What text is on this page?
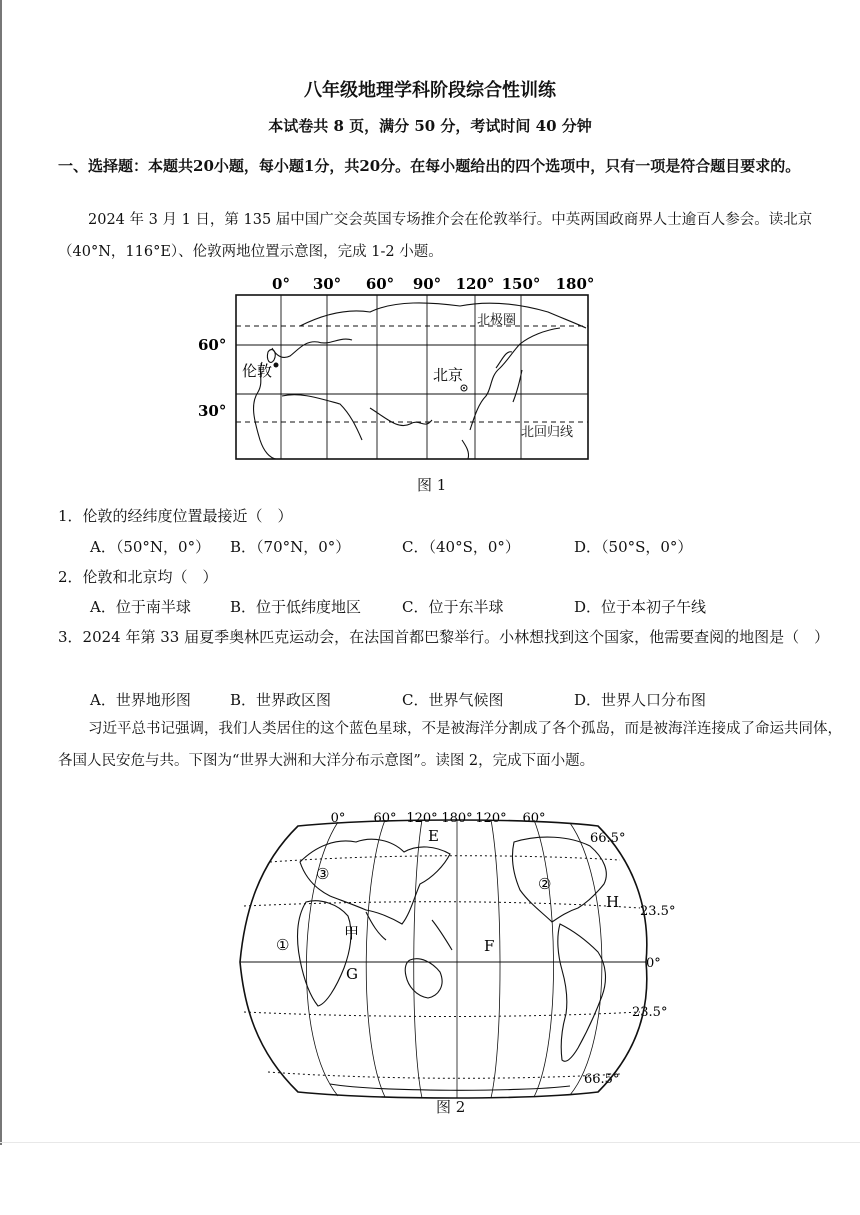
八年级地理学科阶段综合性训练
本试卷共 8 页，满分 50 分，考试时间 40 分钟
一、选择题：本题共20小题，每小题1分，共20分。在每小题给出的四个选项中，只有一项是符合题目要求的。
2024 年 3 月 1 日，第 135 届中国广交会英国专场推介会在伦敦举行。中英两国政商界人士逾百人参会。读北京（40°N，116°E）、伦敦两地位置示意图，完成 1-2 小题。
0° 30° 60° 90° 120° 150° 180°
60°
30°
北极圈
北回归线
伦敦	北京
图 1
1．伦敦的经纬度位置最接近（　）
A．（50°N，0°） B．（70°N，0°）	C．（40°S，0°）	D．（50°S，0°）
2．伦敦和北京均（　）
A．位于南半球	B．位于低纬度地区	C．位于东半球	D．位于本初子午线
3．2024 年第 33 届夏季奥林匹克运动会，在法国首都巴黎举行。小林想找到这个国家，他需要查阅的地图是（　）
A．世界地形图	B．世界政区图	C．世界气候图	D．世界人口分布图
习近平总书记强调，我们人类居住的这个蓝色星球，不是被海洋分割成了各个孤岛，而是被海洋连接成了命运共同体，各国人民安危与共。下图为“世界大洲和大洋分布示意图”。读图 2，完成下面小题。
0° 60° 120° 180° 120° 60°
66.5°
23.5°
0°
23.5°
66.5°
E
③
②
H
甲
①	F
G
图 2
